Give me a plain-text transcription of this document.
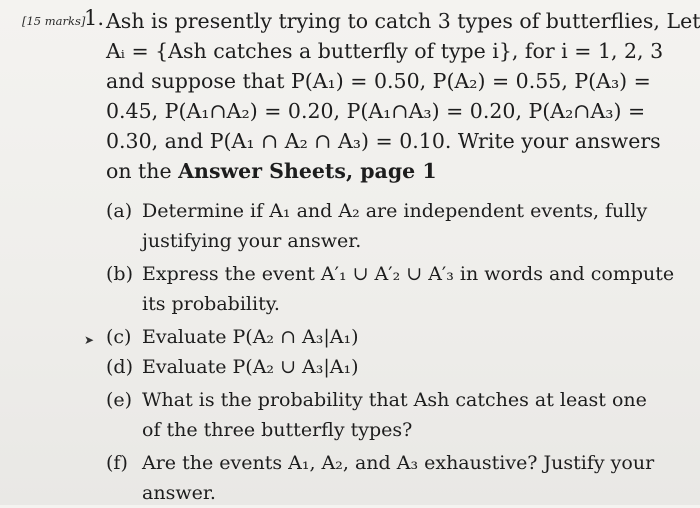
[15 marks]
1. Ash is presently trying to catch 3 types of butterflies, Let
Aᵢ = {Ash catches a butterfly of type i}, for i = 1, 2, 3
and suppose that P(A₁) = 0.50, P(A₂) = 0.55, P(A₃) =
0.45, P(A₁∩A₂) = 0.20, P(A₁∩A₃) = 0.20, P(A₂∩A₃) =
0.30, and P(A₁ ∩ A₂ ∩ A₃) = 0.10. Write your answers
on the Answer Sheets, page 1
➤
(a) Determine if A₁ and A₂ are independent events, fully
justifying your answer.
(b) Express the event A′₁ ∪ A′₂ ∪ A′₃ in words and compute
its probability.
(c) Evaluate P(A₂ ∩ A₃|A₁)
(d) Evaluate P(A₂ ∪ A₃|A₁)
(e) What is the probability that Ash catches at least one
of the three butterfly types?
(f) Are the events A₁, A₂, and A₃ exhaustive? Justify your
answer.
